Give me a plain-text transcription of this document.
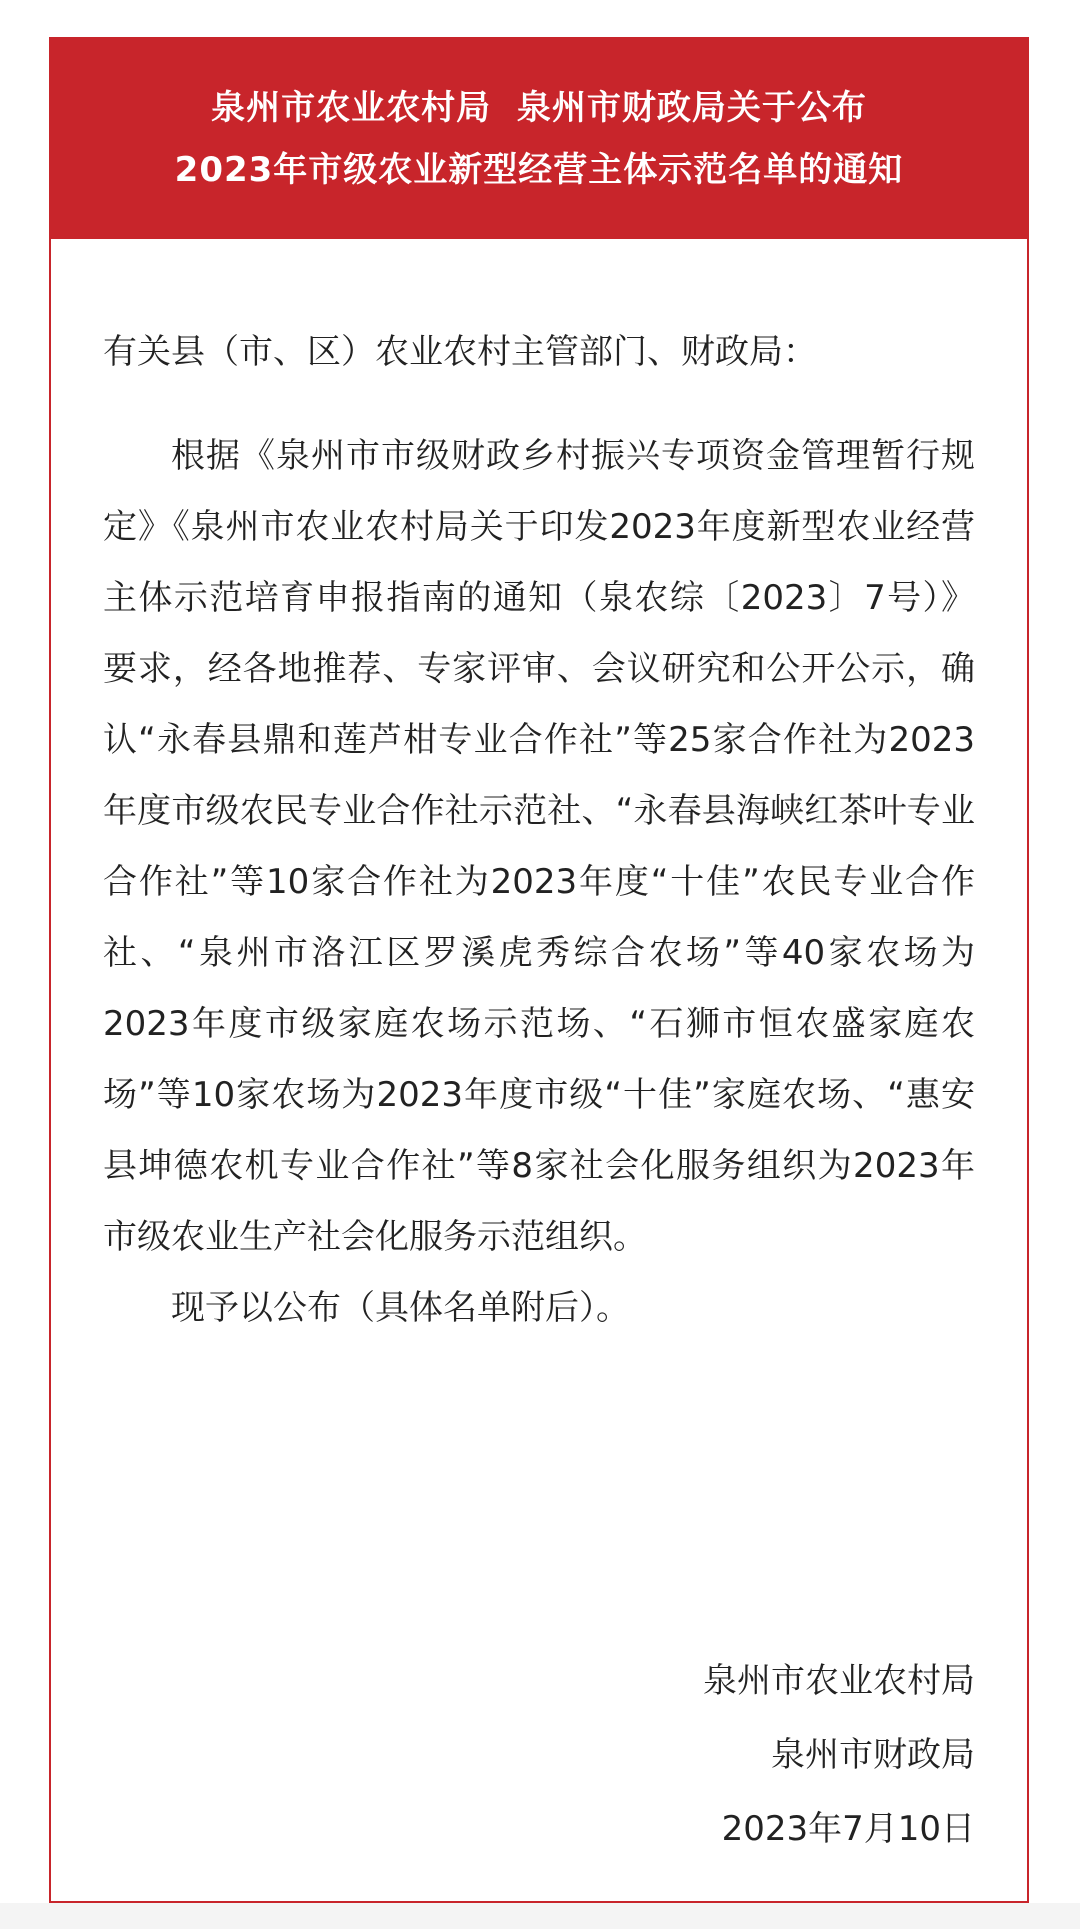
泉州市农业农村局  泉州市财政局关于公布
2023年市级农业新型经营主体示范名单的通知

有关县（市、区）农业农村主管部门、财政局：

根据《泉州市市级财政乡村振兴专项资金管理暂行规定》《泉州市农业农村局关于印发2023年度新型农业经营主体示范培育申报指南的通知（泉农综〔2023〕7号）》要求，经各地推荐、专家评审、会议研究和公开公示，确认“永春县鼎和莲芦柑专业合作社”等25家合作社为2023年度市级农民专业合作社示范社、“永春县海峡红茶叶专业合作社”等10家合作社为2023年度“十佳”农民专业合作社、“泉州市洛江区罗溪虎秀综合农场”等40家农场为2023年度市级家庭农场示范场、“石狮市恒农盛家庭农场”等10家农场为2023年度市级“十佳”家庭农场、“惠安县坤德农机专业合作社”等8家社会化服务组织为2023年市级农业生产社会化服务示范组织。

现予以公布（具体名单附后）。

泉州市农业农村局
泉州市财政局
2023年7月10日
